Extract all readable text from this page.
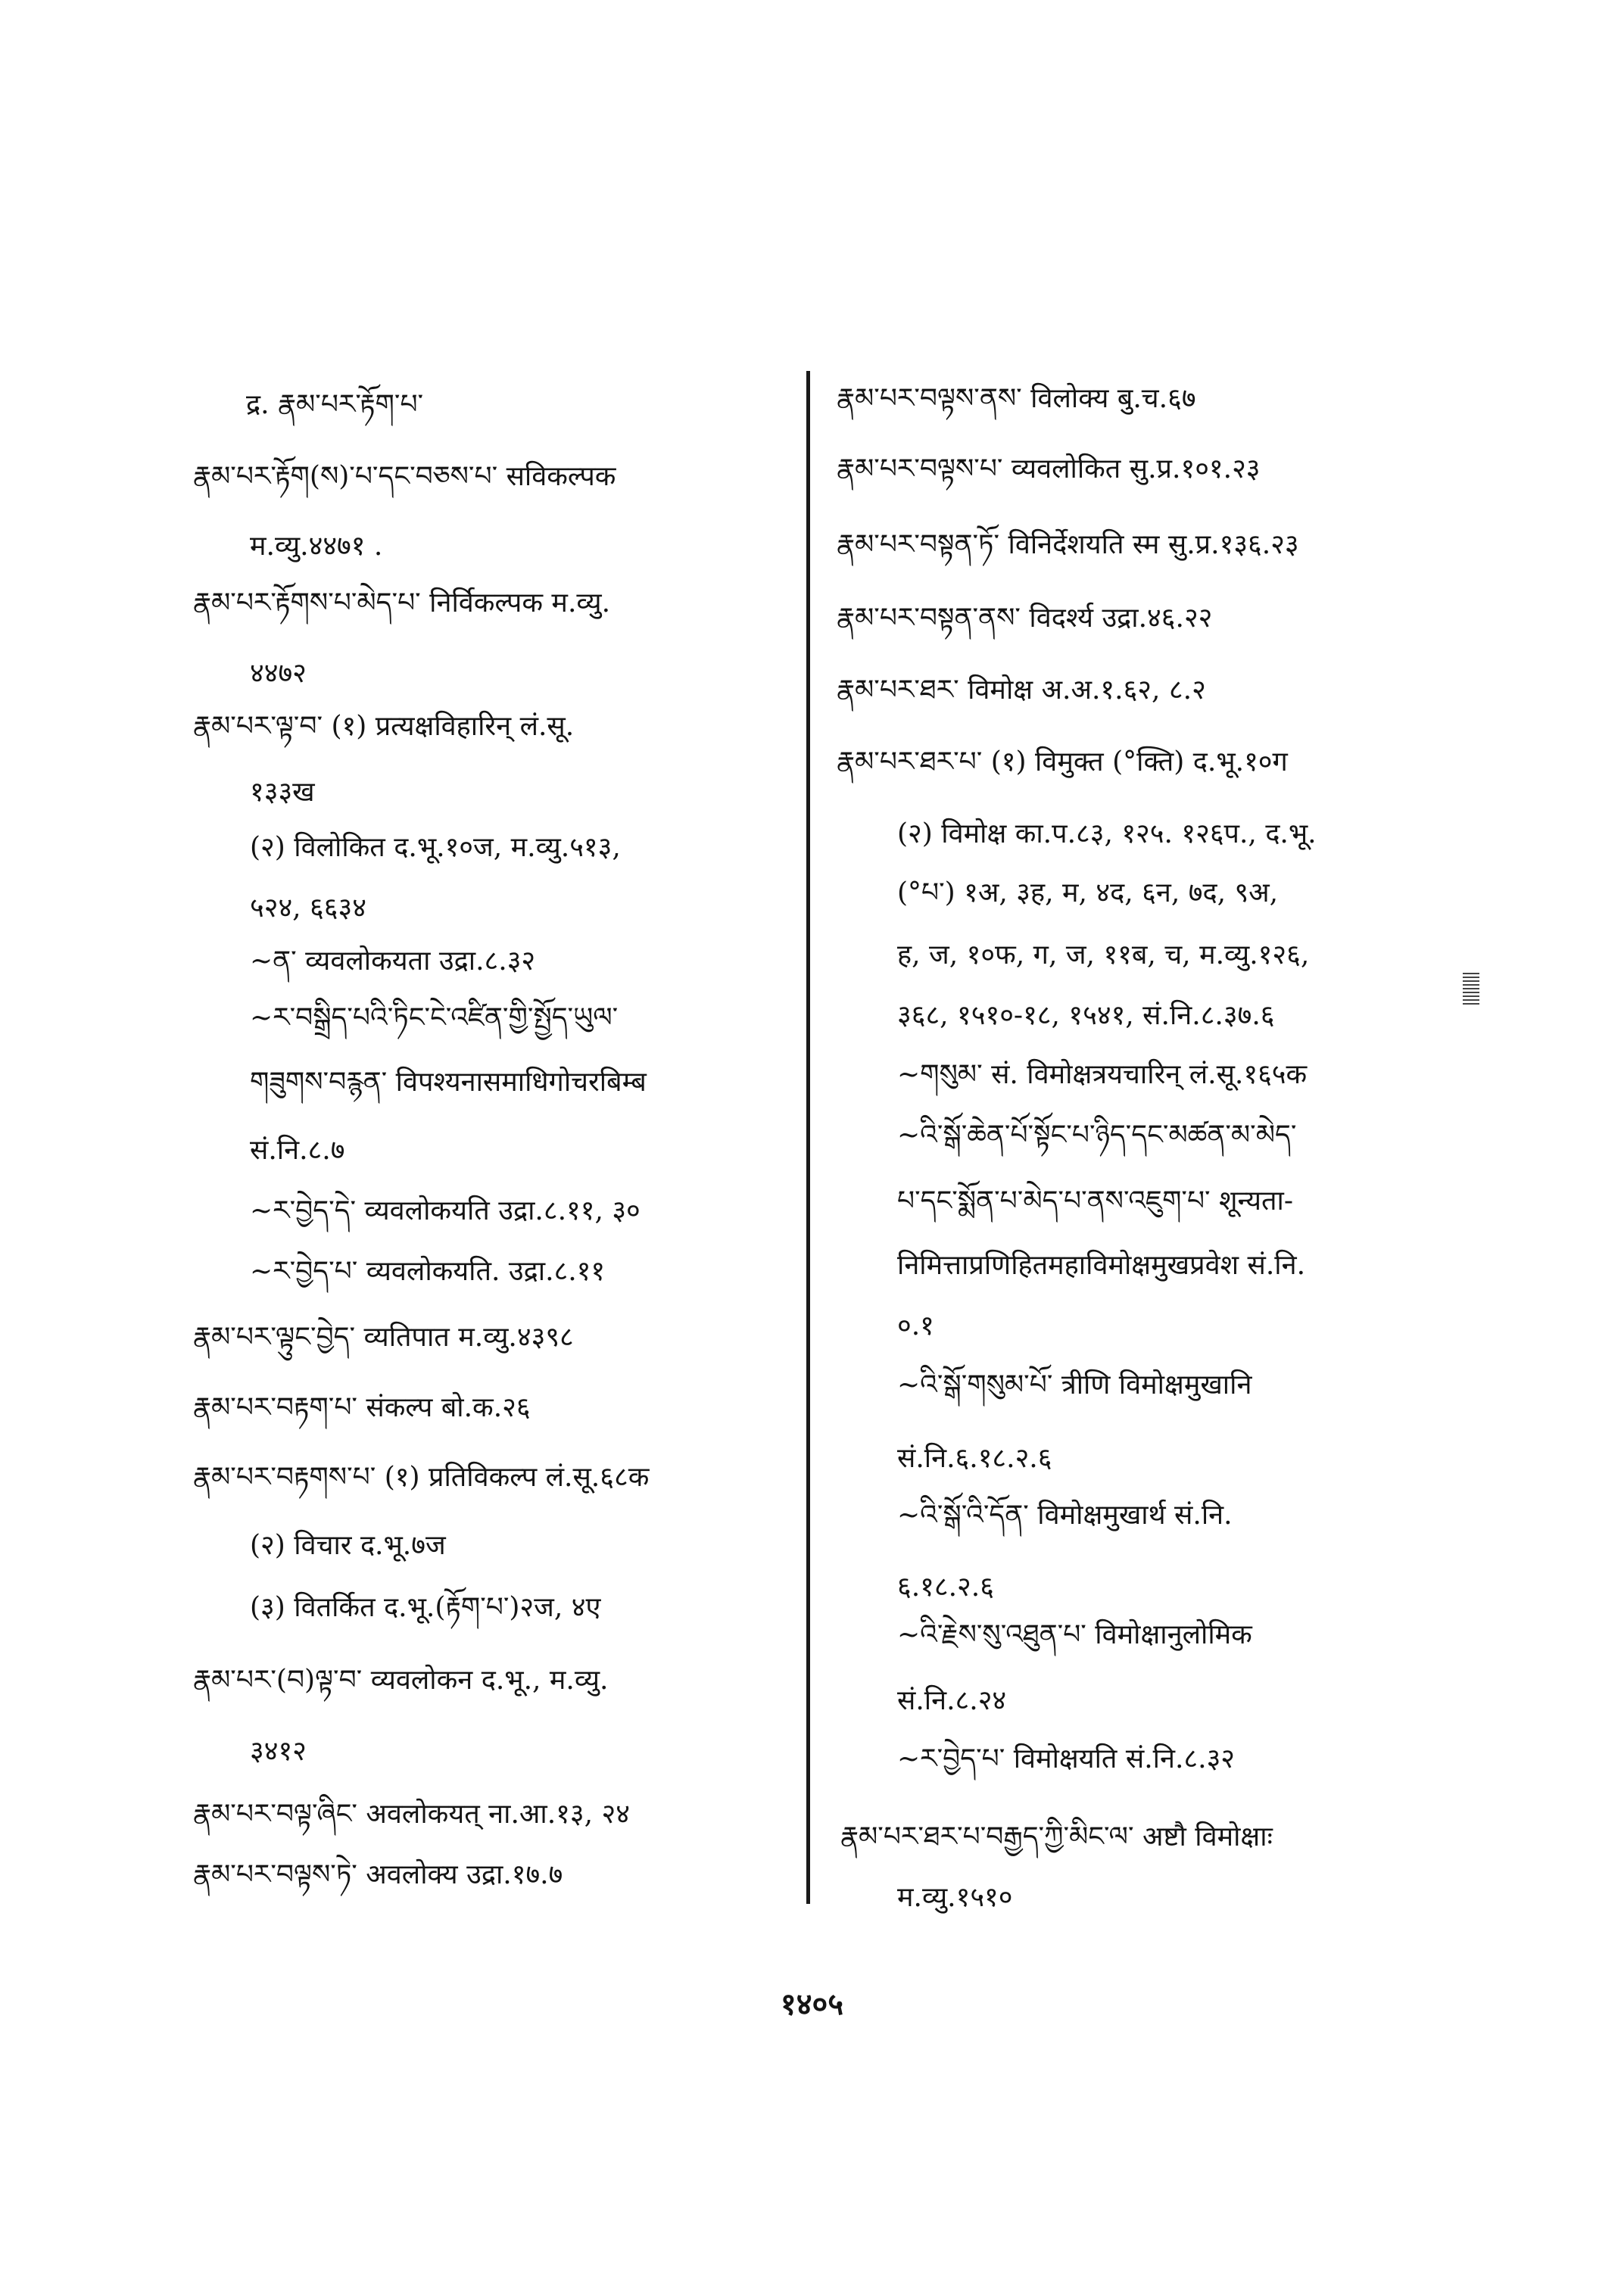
द्र. རྣམ་པར་རྟོག་པ་
རྣམ་པར་རྟོག(ས)་པ་དང་བཅས་པ་ सविकल्पक
म.व्यु.४४७१ .
རྣམ་པར་རྟོགས་པ་མེད་པ་ निर्विकल्पक म.व्यु.
४४७२
རྣམ་པར་ལྟ་བ་ (१) प्रत्यक्षविहारिन् लं.सू.
१३३ख
(२) विलोकित द.भू.१०ज, म.व्यु.५१३,
५२४, ६६३४
~ན་ व्यवलोकयता उद्रा.८.३२
~ར་བསྒྲིད་པའི་ཏིང་ངེ་འཛིན་གྱི་སྤྱོད་ཡུལ་
གཟུགས་བརྙན་ विपश्यनासमाधिगोचरबिम्ब
सं.नि.८.७
~ར་བྱེད་དེ་ व्यवलोकयति उद्रा.८.११, ३०
~ར་བྱེད་པ་ व्यवलोकयति. उद्रा.८.११
རྣམ་པར་ལྟུང་བྱེད་ व्यतिपात म.व्यु.४३९८
རྣམ་པར་བརྟག་པ་ संकल्प बो.क.२६
རྣམ་པར་བརྟགས་པ་ (१) प्रतिविकल्प लं.सू.६८क
(२) विचार द.भू.७ज
(३) वितर्कित द.भू.(རྟོག་པ་)२ज, ४ए
རྣམ་པར་(བ)ལྟ་བ་ व्यवलोकन द.भू., म.व्यु.
३४१२
རྣམ་པར་བལྟ་ཞིང་ अवलोकयत् ना.आ.१३, २४
རྣམ་པར་བལྟས་ཏེ་ अवलोक्य उद्रा.१७.७
རྣམ་པར་བལྟས་ནས་ विलोक्य बु.च.६७
རྣམ་པར་བལྟས་པ་ व्यवलोकित सु.प्र.१०१.२३
རྣམ་པར་བསྟན་ཏོ་ विनिर्देशयति स्म सु.प्र.१३६.२३
རྣམ་པར་བསྟན་ནས་ विदर्श्य उद्रा.४६.२२
རྣམ་པར་ཐར་ विमोक्ष अ.अ.१.६२, ८.२
རྣམ་པར་ཐར་པ་ (१) विमुक्त (°क्ति) द.भू.१०ग
(२) विमोक्ष का.प.८३, १२५. १२६प., द.भू.
(°པ་) १अ, ३ह, म, ४द, ६न, ७द, ९अ,
ह, ज, १०फ, ग, ज, ११ब, च, म.व्यु.१२६,
३६८, १५१०-१८, १५४१, सं.नि.८.३७.६
~གསུམ་ सं. विमोक्षत्रयचारिन् लं.सू.१६५क
~འི་སྒོ་ཆེན་པོ་སྟོང་པ་ཉིད་དང་མཚན་མ་མེད་
པ་དང་སྨོན་པ་མེད་པ་ནས་འཇུག་པ་ शून्यता-
निमित्ताप्रणिहितमहाविमोक्षमुखप्रवेश सं.नि.
०.१
~འི་སྒོ་གསུམ་པོ་ त्रीणि विमोक्षमुखानि
सं.नि.६.१८.२.६
~འི་སྒོ་འི་དོན་ विमोक्षमुखार्थ सं.नि.
६.१८.२.६
~འི་རྗེས་སུ་འཐུན་པ་ विमोक्षानुलोमिक
सं.नि.८.२४
~ར་བྱེད་པ་ विमोक्षयति सं.नि.८.३२
རྣམ་པར་ཐར་པ་བརྒྱད་ཀྱི་མིང་ལ་ अष्टौ विमोक्षाः
म.व्यु.१५१०
१४०५
